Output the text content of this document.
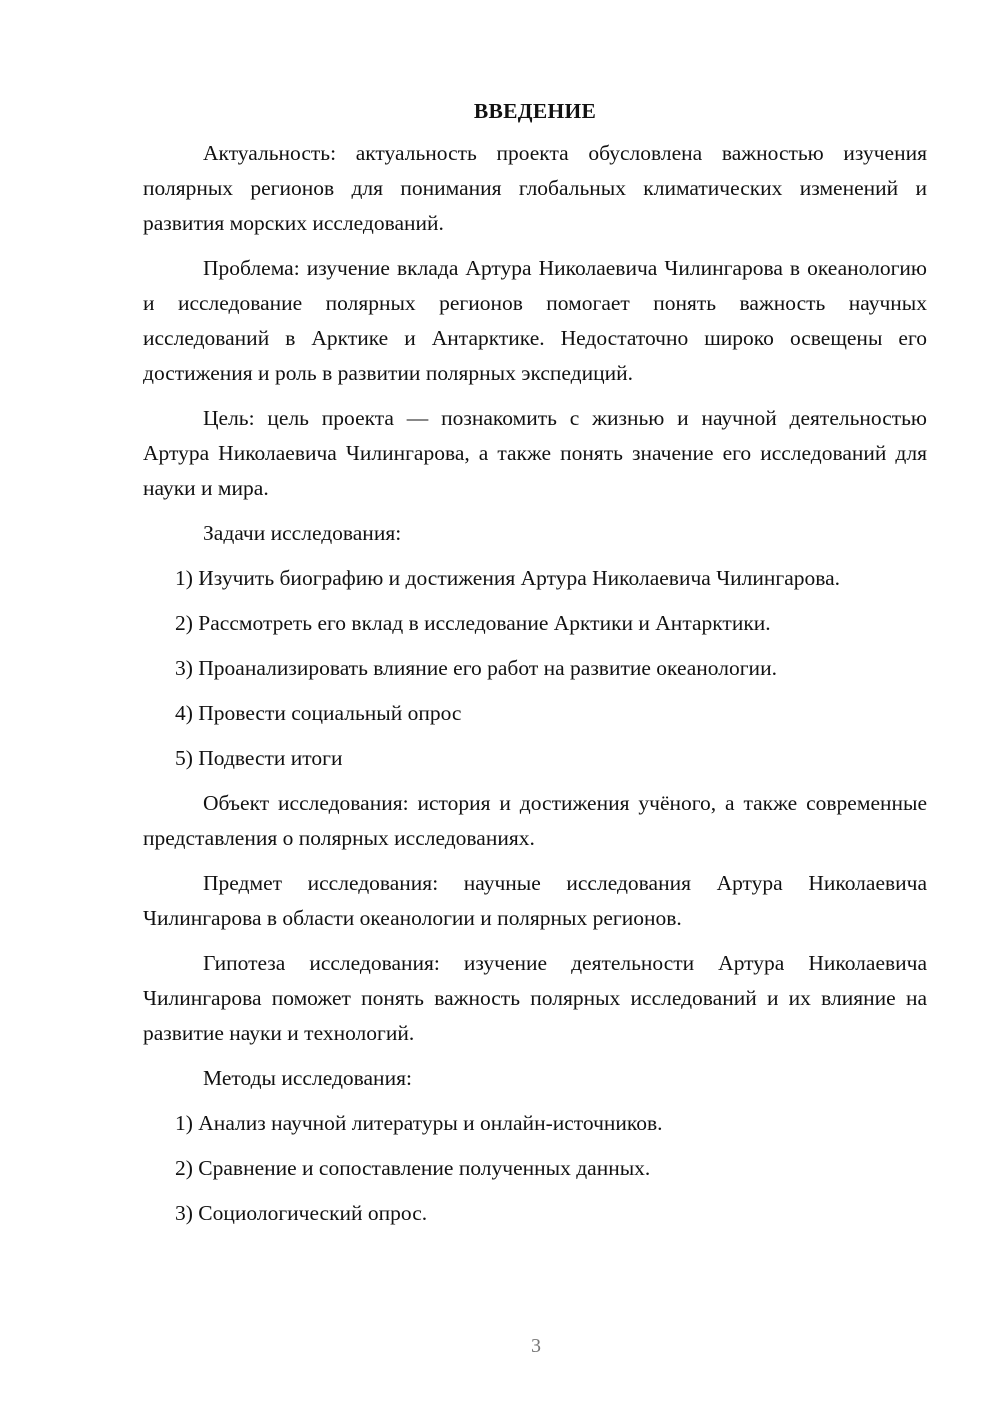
ВВЕДЕНИЕ

Актуальность: актуальность проекта обусловлена важностью изучения полярных регионов для понимания глобальных климатических изменений и развития морских исследований.

Проблема: изучение вклада Артура Николаевича Чилингарова в океанологию и исследование полярных регионов помогает понять важность научных исследований в Арктике и Антарктике. Недостаточно широко освещены его достижения и роль в развитии полярных экспедиций.

Цель: цель проекта — познакомить с жизнью и научной деятельностью Артура Николаевича Чилингарова, а также понять значение его исследований для науки и мира.

Задачи исследования:

1) Изучить биографию и достижения Артура Николаевича Чилингарова.

2) Рассмотреть его вклад в исследование Арктики и Антарктики.

3) Проанализировать влияние его работ на развитие океанологии.

4) Провести социальный опрос

5) Подвести итоги

Объект исследования: история и достижения учёного, а также современные представления о полярных исследованиях.

Предмет исследования: научные исследования Артура Николаевича Чилингарова в области океанологии и полярных регионов.

Гипотеза исследования: изучение деятельности Артура Николаевича Чилингарова поможет понять важность полярных исследований и их влияние на развитие науки и технологий.

Методы исследования:

1) Анализ научной литературы и онлайн-источников.

2) Сравнение и сопоставление полученных данных.

3) Социологический опрос.

3
